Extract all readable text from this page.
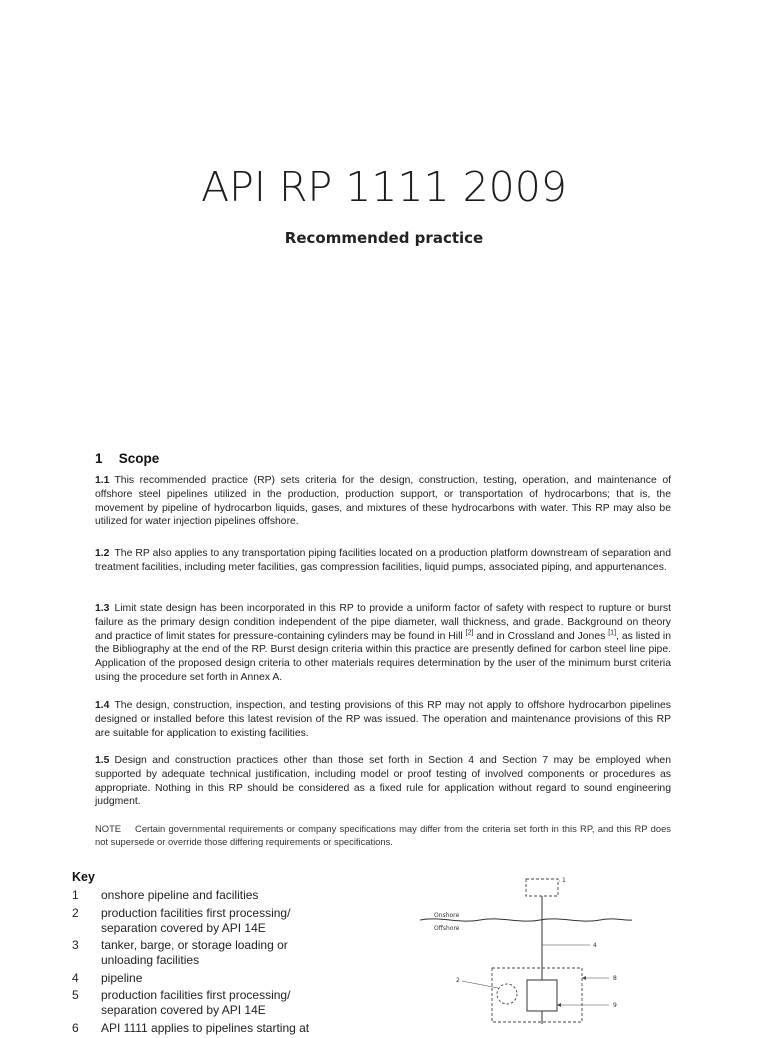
API RP 1111 2009
Recommended practice
1 Scope
1.1 This recommended practice (RP) sets criteria for the design, construction, testing, operation, and maintenance of offshore steel pipelines utilized in the production, production support, or transportation of hydrocarbons; that is, the movement by pipeline of hydrocarbon liquids, gases, and mixtures of these hydrocarbons with water. This RP may also be utilized for water injection pipelines offshore.
1.2 The RP also applies to any transportation piping facilities located on a production platform downstream of separation and treatment facilities, including meter facilities, gas compression facilities, liquid pumps, associated piping, and appurtenances.
1.3 Limit state design has been incorporated in this RP to provide a uniform factor of safety with respect to rupture or burst failure as the primary design condition independent of the pipe diameter, wall thickness, and grade. Background on theory and practice of limit states for pressure-containing cylinders may be found in Hill [2] and in Crossland and Jones [1], as listed in the Bibliography at the end of the RP. Burst design criteria within this practice are presently defined for carbon steel line pipe. Application of the proposed design criteria to other materials requires determination by the user of the minimum burst criteria using the procedure set forth in Annex A.
1.4 The design, construction, inspection, and testing provisions of this RP may not apply to offshore hydrocarbon pipelines designed or installed before this latest revision of the RP was issued. The operation and maintenance provisions of this RP are suitable for application to existing facilities.
1.5 Design and construction practices other than those set forth in Section 4 and Section 7 may be employed when supported by adequate technical justification, including model or proof testing of involved components or procedures as appropriate. Nothing in this RP should be considered as a fixed rule for application without regard to sound engineering judgment.
NOTE Certain governmental requirements or company specifications may differ from the criteria set forth in this RP, and this RP does not supersede or override those differing requirements or specifications.
Key
1	onshore pipeline and facilities
2	production facilities first processing/ separation covered by API 14E
3	tanker, barge, or storage loading or unloading facilities
4	pipeline
5	production facilities first processing/ separation covered by API 14E
6	API 1111 applies to pipelines starting at
1
Onshore
Offshore
4
2	8
9
